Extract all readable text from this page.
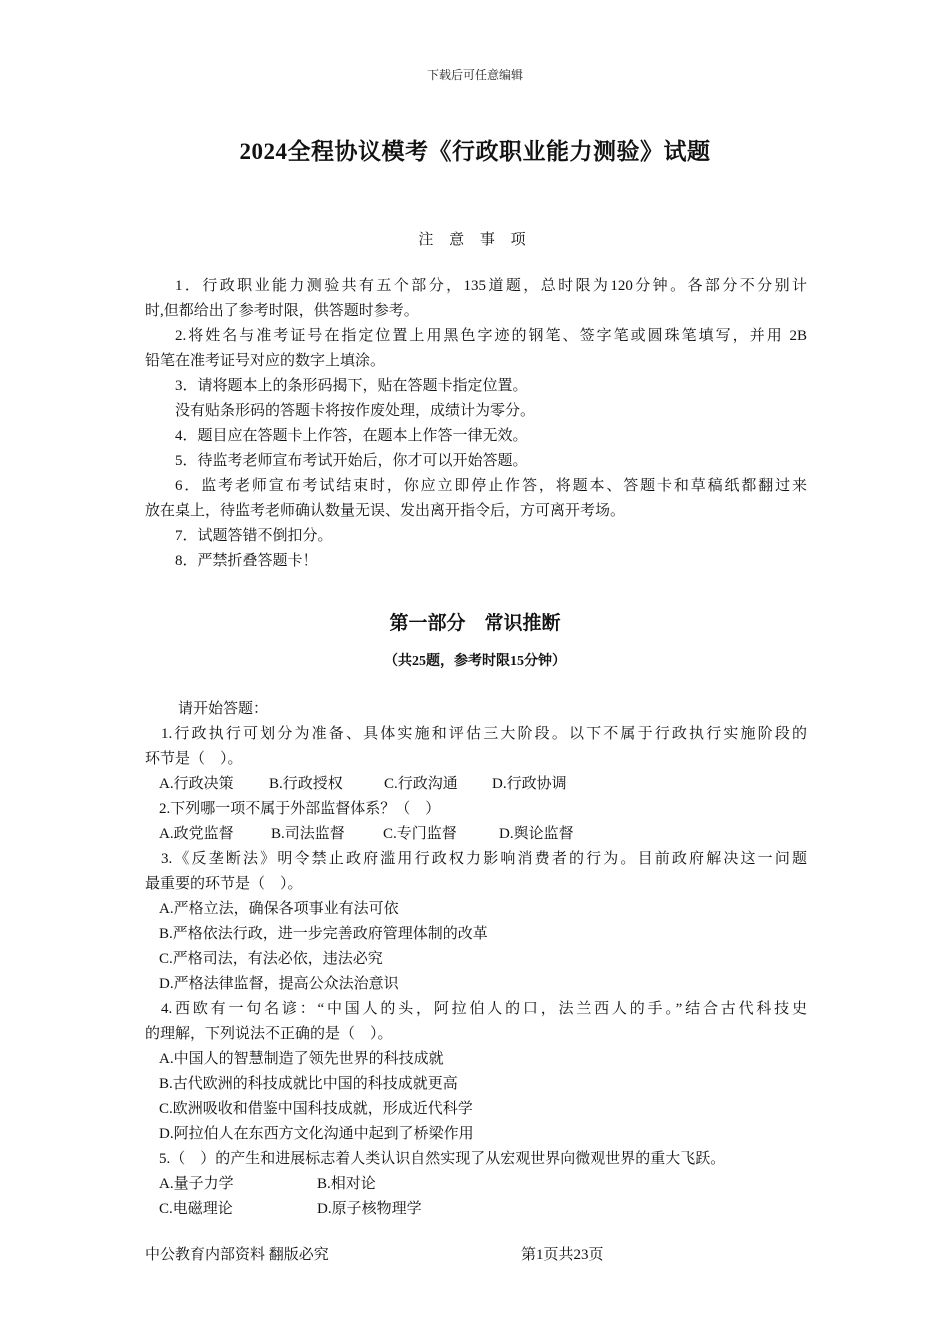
下载后可任意编辑
2024全程协议模考《行政职业能力测验》试题
注 意 事 项
1．行政职业能力测验共有五个部分，135道题，总时限为120分钟。各部分不分别计
时,但都给出了参考时限，供答题时参考。
2.将姓名与准考证号在指定位置上用黑色字迹的钢笔、签字笔或圆珠笔填写，并用 2B
铅笔在准考证号对应的数字上填涂。
3．请将题本上的条形码揭下，贴在答题卡指定位置。
没有贴条形码的答题卡将按作废处理，成绩计为零分。
4．题目应在答题卡上作答，在题本上作答一律无效。
5．待监考老师宣布考试开始后，你才可以开始答题。
6．监考老师宣布考试结束时，你应立即停止作答，将题本、答题卡和草稿纸都翻过来
放在桌上，待监考老师确认数量无误、发出离开指令后，方可离开考场。
7．试题答错不倒扣分。
8．严禁折叠答题卡！
第一部分　常识推断
（共25题，参考时限15分钟）
请开始答题：
1.行政执行可划分为准备、具体实施和评估三大阶段。以下不属于行政执行实施阶段的
环节是（　）。
A.行政决策	B.行政授权	C.行政沟通	D.行政协调
2.下列哪一项不属于外部监督体系？（　）
A.政党监督	B.司法监督	C.专门监督	D.舆论监督
3.《反垄断法》明令禁止政府滥用行政权力影响消费者的行为。目前政府解决这一问题
最重要的环节是（　）。
A.严格立法，确保各项事业有法可依
B.严格依法行政，进一步完善政府管理体制的改革
C.严格司法，有法必依，违法必究
D.严格法律监督，提高公众法治意识
4.西欧有一句名谚：“中国人的头，阿拉伯人的口，法兰西人的手。”结合古代科技史
的理解，下列说法不正确的是（　）。
A.中国人的智慧制造了领先世界的科技成就
B.古代欧洲的科技成就比中国的科技成就更高
C.欧洲吸收和借鉴中国科技成就，形成近代科学
D.阿拉伯人在东西方文化沟通中起到了桥梁作用
5.（　）的产生和进展标志着人类认识自然实现了从宏观世界向微观世界的重大飞跃。
A.量子力学	B.相对论
C.电磁理论	D.原子核物理学
中公教育内部资料 翻版必究	第1页共23页
